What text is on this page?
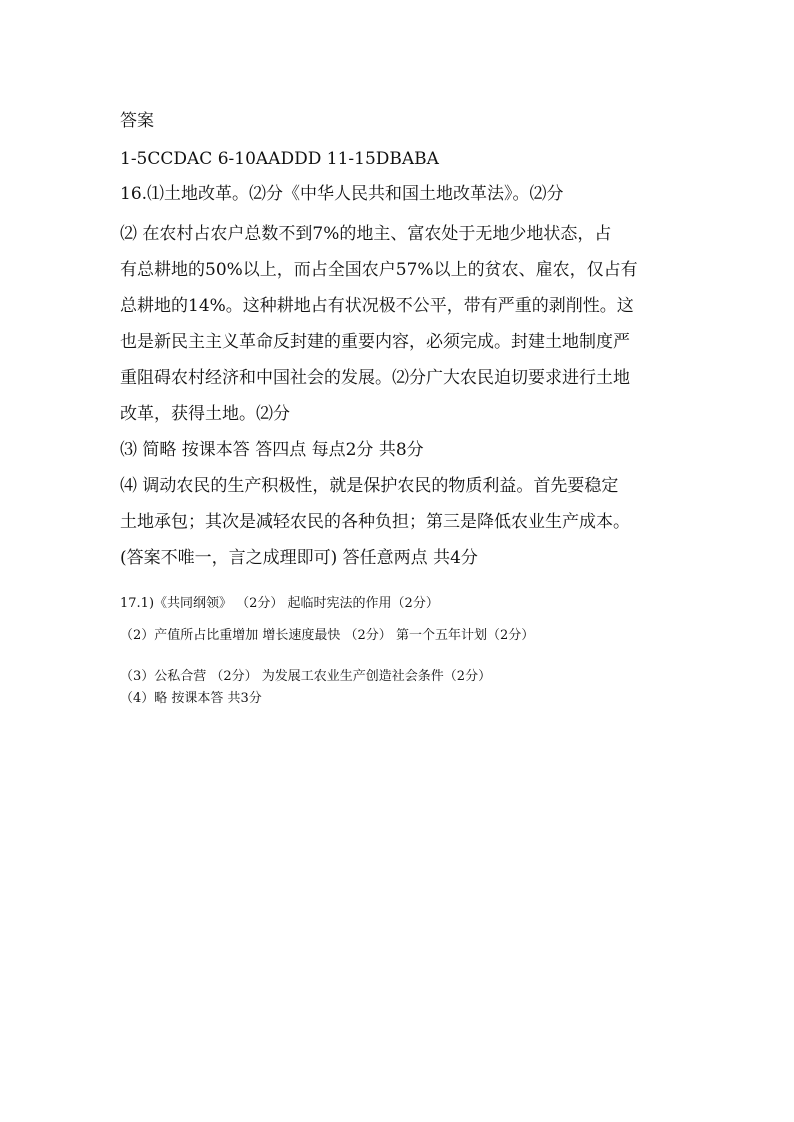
答案
1-5CCDAC 6-10AADDD 11-15DBABA
16.⑴土地改革。⑵分《中华人民共和国土地改革法》。⑵分
⑵ 在农村占农户总数不到7%的地主、富农处于无地少地状态，占
有总耕地的50%以上，而占全国农户57%以上的贫农、雇农，仅占有
总耕地的14%。这种耕地占有状况极不公平，带有严重的剥削性。这
也是新民主主义革命反封建的重要内容，必须完成。封建土地制度严
重阻碍农村经济和中国社会的发展。⑵分广大农民迫切要求进行土地
改革，获得土地。⑵分
⑶ 简略 按课本答 答四点 每点2分 共8分
⑷ 调动农民的生产积极性，就是保护农民的物质利益。首先要稳定
土地承包；其次是减轻农民的各种负担；第三是降低农业生产成本。
(答案不唯一，言之成理即可) 答任意两点 共4分
17.1)《共同纲领》 （2分） 起临时宪法的作用（2分）
（2）产值所占比重增加 增长速度最快 （2分） 第一个五年计划（2分）
（3）公私合营 （2分） 为发展工农业生产创造社会条件（2分）
（4）略 按课本答 共3分
